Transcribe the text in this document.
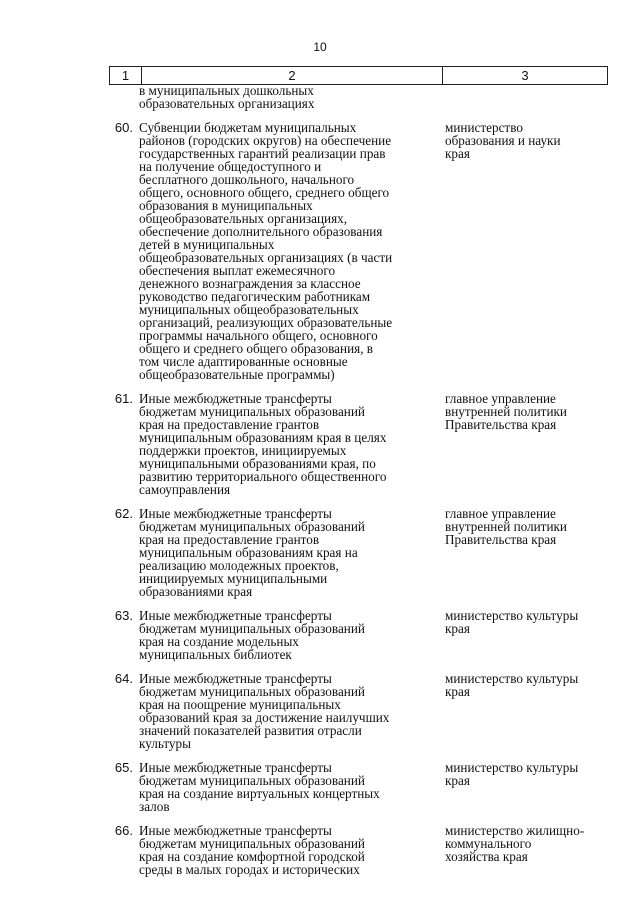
10
1	2	3
в муниципальных дошкольных
образовательных организациях
60. Субвенции бюджетам муниципальных
районов (городских округов) на обеспечение
государственных гарантий реализации прав
на получение общедоступного и
бесплатного дошкольного, начального
общего, основного общего, среднего общего
образования в муниципальных
общеобразовательных организациях,
обеспечение дополнительного образования
детей в муниципальных
общеобразовательных организациях (в части
обеспечения выплат ежемесячного
денежного вознаграждения за классное
руководство педагогическим работникам
муниципальных общеобразовательных
организаций, реализующих образовательные
программы начального общего, основного
общего и среднего общего образования, в
том числе адаптированные основные
общеобразовательные программы)
министерство
образования и науки
края
61. Иные межбюджетные трансферты
бюджетам муниципальных образований
края на предоставление грантов
муниципальным образованиям края в целях
поддержки проектов, инициируемых
муниципальными образованиями края, по
развитию территориального общественного
самоуправления
главное управление
внутренней политики
Правительства края
62. Иные межбюджетные трансферты
бюджетам муниципальных образований
края на предоставление грантов
муниципальным образованиям края на
реализацию молодежных проектов,
инициируемых муниципальными
образованиями края
главное управление
внутренней политики
Правительства края
63. Иные межбюджетные трансферты
бюджетам муниципальных образований
края на создание модельных
муниципальных библиотек
министерство культуры
края
64. Иные межбюджетные трансферты
бюджетам муниципальных образований
края на поощрение муниципальных
образований края за достижение наилучших
значений показателей развития отрасли
культуры
министерство культуры
края
65. Иные межбюджетные трансферты
бюджетам муниципальных образований
края на создание виртуальных концертных
залов
министерство культуры
края
66. Иные межбюджетные трансферты
бюджетам муниципальных образований
края на создание комфортной городской
среды в малых городах и исторических
министерство жилищно-
коммунального
хозяйства края
